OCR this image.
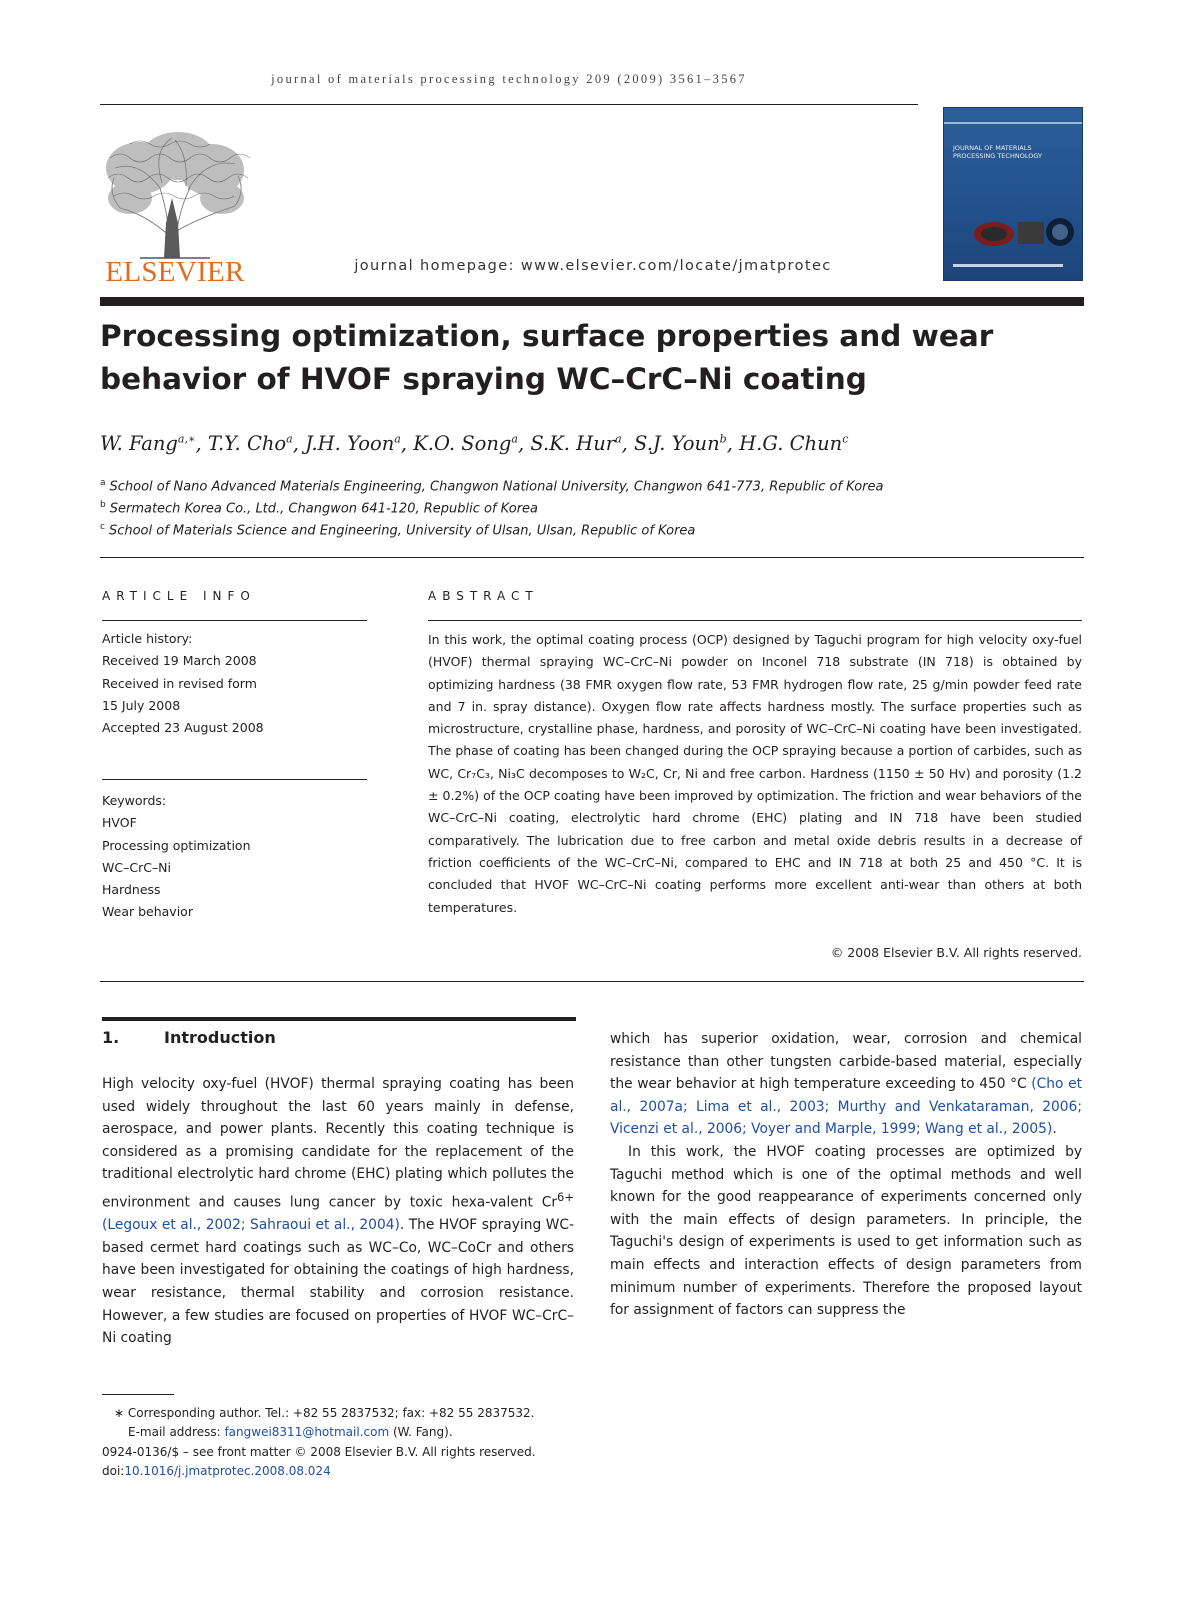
journal of materials processing technology 209 (2009) 3561–3567
ELSEVIER	journal homepage: www.elsevier.com/locate/jmatprotec
JOURNAL OF MATERIALS PROCESSING TECHNOLOGY
Processing optimization, surface properties and wear behavior of HVOF spraying WC–CrC–Ni coating
W. Fang$^{a,∗}$, T.Y. Cho$^a$, J.H. Yoon$^a$, K.O. Song$^a$, S.K. Hur$^a$, S.J. Youn$^b$, H.G. Chun$^c$
$^a$ School of Nano Advanced Materials Engineering, Changwon National University, Changwon 641-773, Republic of Korea
$^b$ Sermatech Korea Co., Ltd., Changwon 641-120, Republic of Korea
$^c$ School of Materials Science and Engineering, University of Ulsan, Ulsan, Republic of Korea
ARTICLE INFO
Article history:
Received 19 March 2008
Received in revised form
15 July 2008
Accepted 23 August 2008
Keywords:
HVOF
Processing optimization
WC–CrC–Ni
Hardness
Wear behavior
ABSTRACT
In this work, the optimal coating process (OCP) designed by Taguchi program for high velocity oxy-fuel (HVOF) thermal spraying WC–CrC–Ni powder on Inconel 718 substrate (IN 718) is obtained by optimizing hardness (38 FMR oxygen flow rate, 53 FMR hydrogen flow rate, 25 g/min powder feed rate and 7 in. spray distance). Oxygen flow rate affects hardness mostly. The surface properties such as microstructure, crystalline phase, hardness, and porosity of WC–CrC–Ni coating have been investigated. The phase of coating has been changed during the OCP spraying because a portion of carbides, such as WC, Cr₇C₃, Ni₃C decomposes to W₂C, Cr, Ni and free carbon. Hardness (1150 ± 50 Hv) and porosity (1.2 ± 0.2%) of the OCP coating have been improved by optimization. The friction and wear behaviors of the WC–CrC–Ni coating, electrolytic hard chrome (EHC) plating and IN 718 have been studied comparatively. The lubrication due to free carbon and metal oxide debris results in a decrease of friction coefficients of the WC–CrC–Ni, compared to EHC and IN 718 at both 25 and 450 °C. It is concluded that HVOF WC–CrC–Ni coating performs more excellent anti-wear than others at both temperatures.
© 2008 Elsevier B.V. All rights reserved.
1.	Introduction

High velocity oxy-fuel (HVOF) thermal spraying coating has been used widely throughout the last 60 years mainly in defense, aerospace, and power plants. Recently this coating technique is considered as a promising candidate for the replacement of the traditional electrolytic hard chrome (EHC) plating which pollutes the environment and causes lung cancer by toxic hexa-valent $Cr^{6+}$ (Legoux et al., 2002; Sahraoui et al., 2004). The HVOF spraying WC-based cermet hard coatings such as WC–Co, WC–CoCr and others have been investigated for obtaining the coatings of high hardness, wear resistance, thermal stability and corrosion resistance. However, a few studies are focused on properties of HVOF WC–CrC–Ni coating

which has superior oxidation, wear, corrosion and chemical resistance than other tungsten carbide-based material, especially the wear behavior at high temperature exceeding to 450 °C (Cho et al., 2007a; Lima et al., 2003; Murthy and Venkataraman, 2006; Vicenzi et al., 2006; Voyer and Marple, 1999; Wang et al., 2005).

In this work, the HVOF coating processes are optimized by Taguchi method which is one of the optimal methods and well known for the good reappearance of experiments concerned only with the main effects of design parameters. In principle, the Taguchi's design of experiments is used to get information such as main effects and interaction effects of design parameters from minimum number of experiments. Therefore the proposed layout for assignment of factors can suppress the

∗ Corresponding author. Tel.: +82 55 2837532; fax: +82 55 2837532.
E-mail address: fangwei8311@hotmail.com (W. Fang).
0924-0136/$ – see front matter © 2008 Elsevier B.V. All rights reserved.
doi:10.1016/j.jmatprotec.2008.08.024
